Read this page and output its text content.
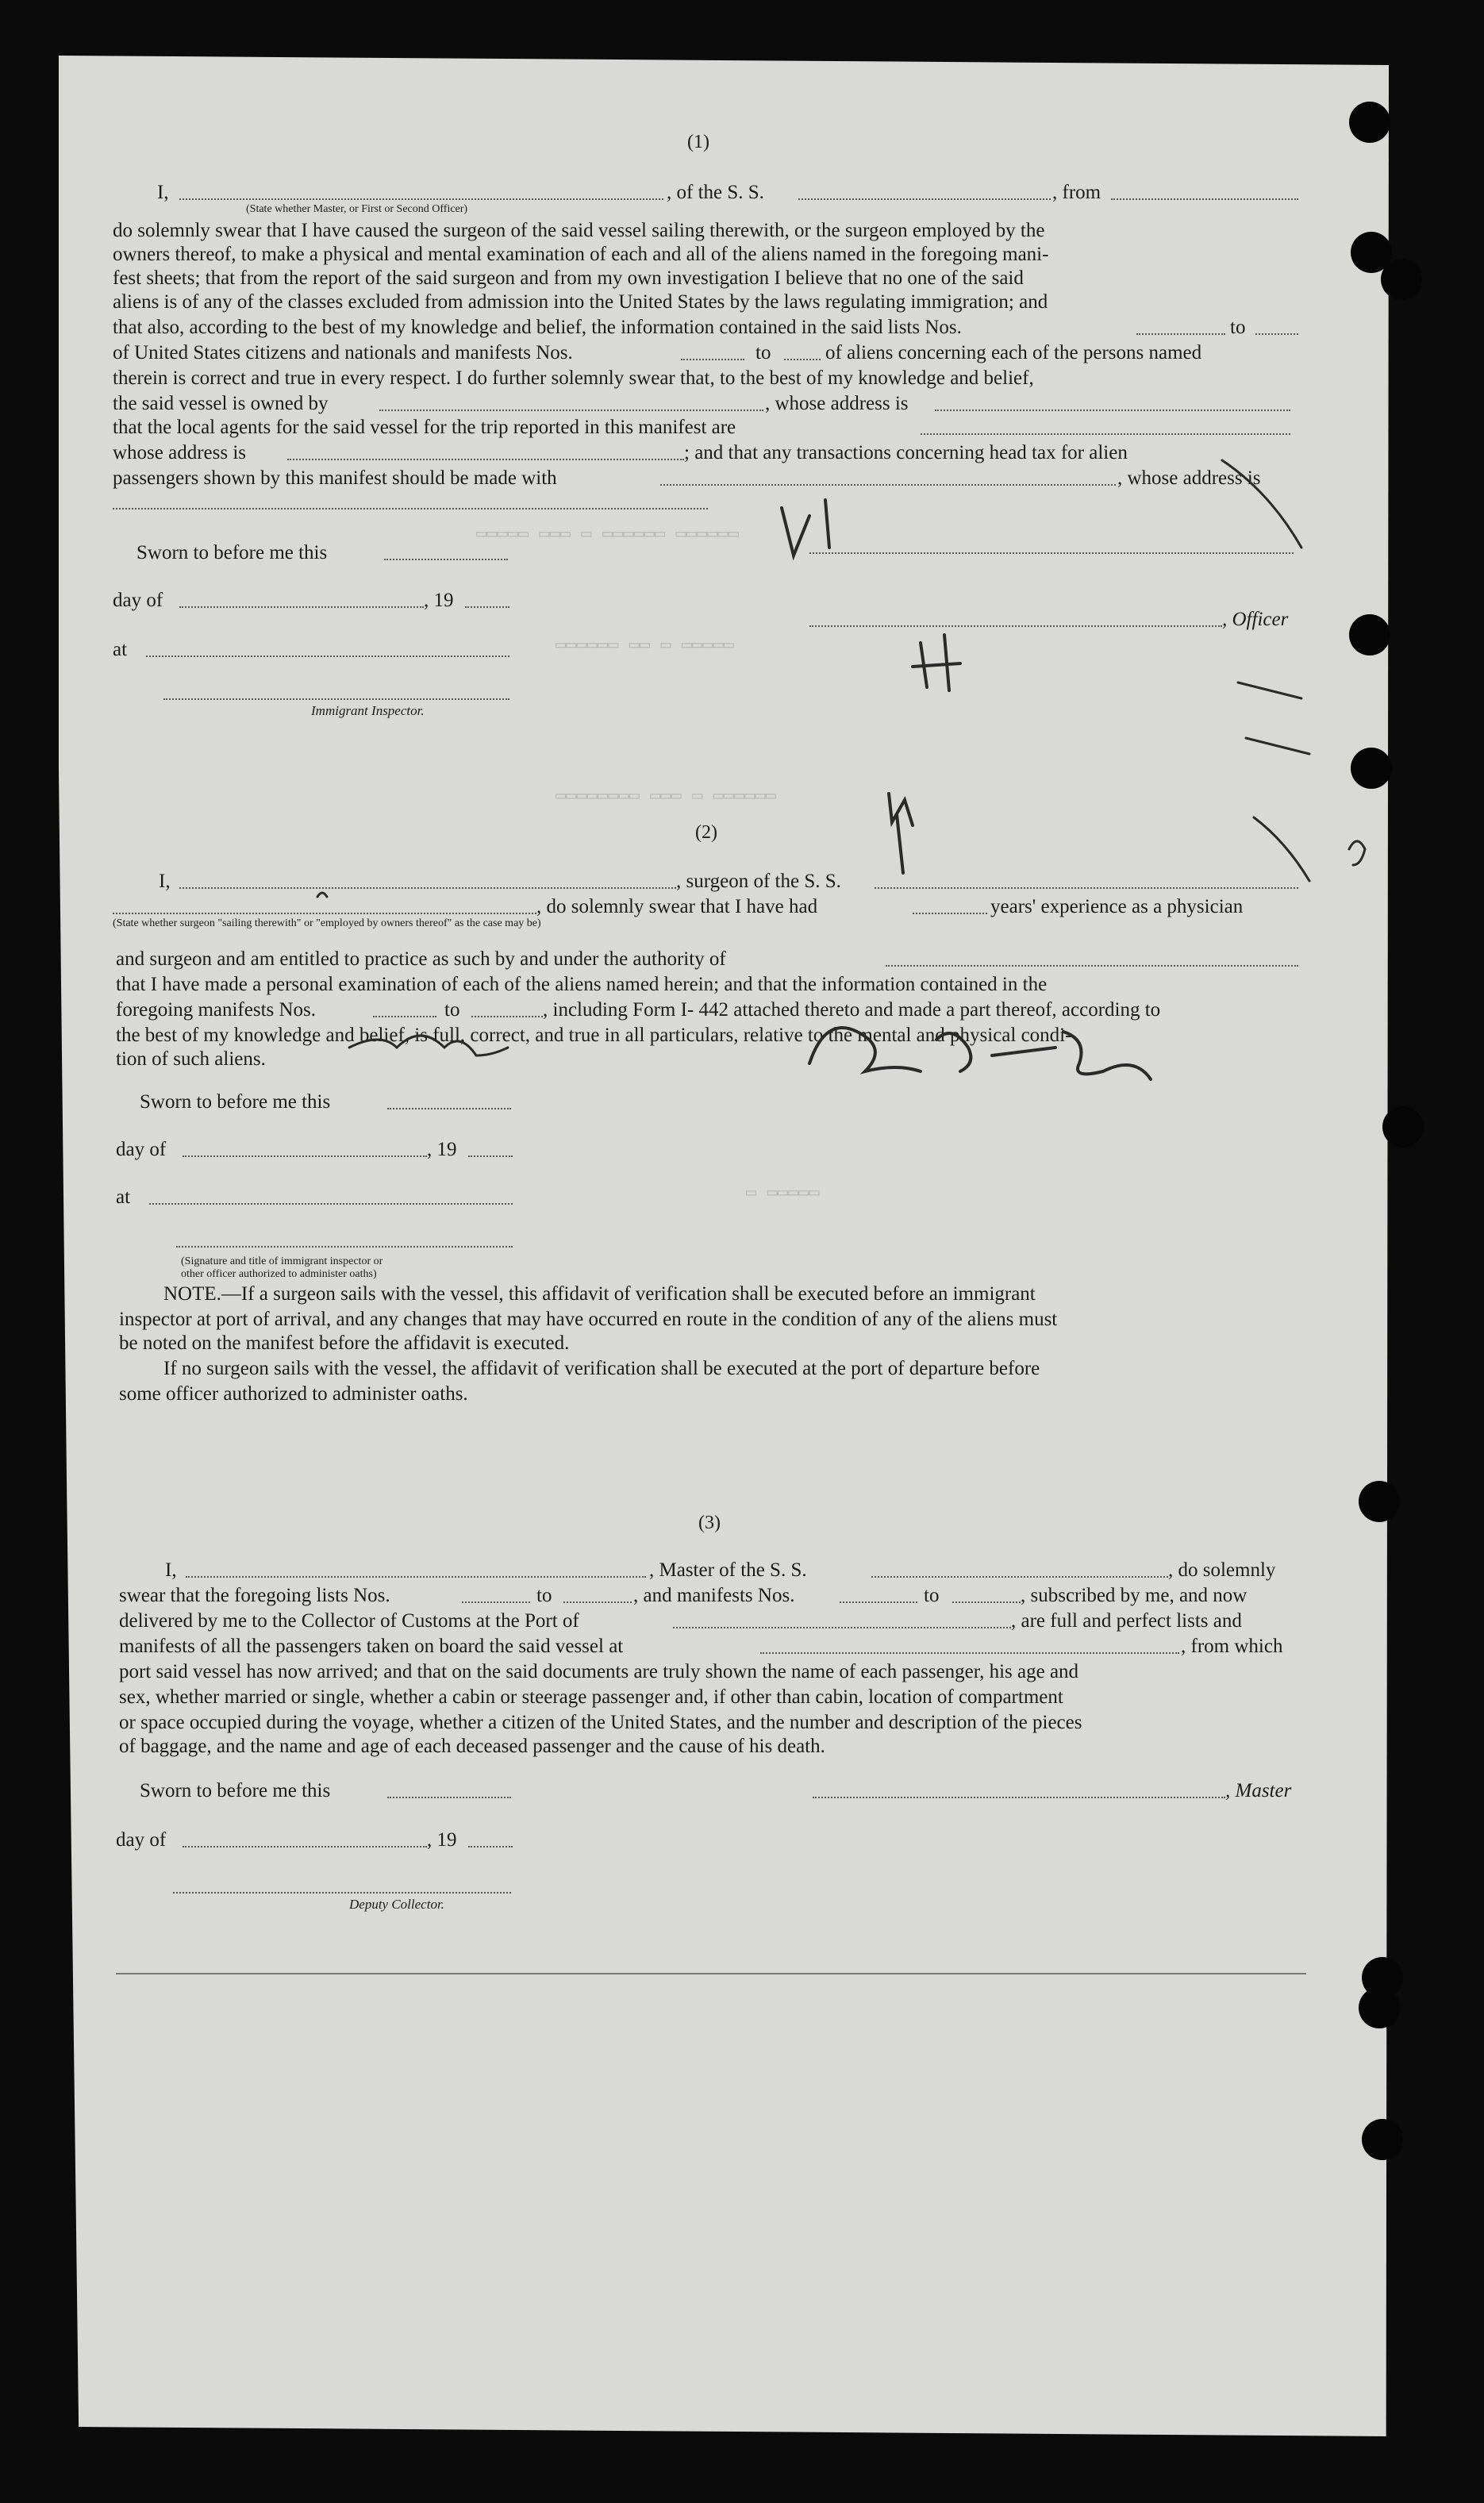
▭▭▭▭▭ ▭▭▭ ▭ ▭▭▭▭▭▭ ▭▭▭▭▭▭
▭▭▭▭▭▭ ▭▭ ▭ ▭▭▭▭▭
▭▭▭▭▭▭▭▭ ▭▭▭ ▭ ▭▭▭▭▭▭
▭ ▭▭▭▭▭
(1)
I,	, of the S. S.	, from
(State whether Master, or First or Second Officer)
do solemnly swear that I have caused the surgeon of the said vessel sailing therewith, or the surgeon employed by the
owners thereof, to make a physical and mental examination of each and all of the aliens named in the foregoing mani-
fest sheets; that from the report of the said surgeon and from my own investigation I believe that no one of the said
aliens is of any of the classes excluded from admission into the United States by the laws regulating immigration; and
that also, according to the best of my knowledge and belief, the information contained in the said lists Nos.	to
of United States citizens and nationals and manifests Nos.	to	of aliens concerning each of the persons named
therein is correct and true in every respect. I do further solemnly swear that, to the best of my knowledge and belief,
the said vessel is owned by	, whose address is
that the local agents for the said vessel for the trip reported in this manifest are
whose address is	; and that any transactions concerning head tax for alien
passengers shown by this manifest should be made with	, whose address is
Sworn to before me this
day of	, 19
, Officer
at
Immigrant Inspector.
(2)
I,	, surgeon of the S. S.
, do solemnly swear that I have had	years' experience as a physician
(State whether surgeon "sailing therewith" or "employed by owners thereof" as the case may be)
and surgeon and am entitled to practice as such by and under the authority of
that I have made a personal examination of each of the aliens named herein; and that the information contained in the
foregoing manifests Nos.	to	, including Form I- 442 attached thereto and made a part thereof, according to
the best of my knowledge and belief, is full, correct, and true in all particulars, relative to the mental and physical condi-
tion of such aliens.
Sworn to before me this
day of	, 19
at
(Signature and title of immigrant inspector or
other officer authorized to administer oaths)
NOTE.—If a surgeon sails with the vessel, this affidavit of verification shall be executed before an immigrant
inspector at port of arrival, and any changes that may have occurred en route in the condition of any of the aliens must
be noted on the manifest before the affidavit is executed.
If no surgeon sails with the vessel, the affidavit of verification shall be executed at the port of departure before
some officer authorized to administer oaths.
(3)
I,	, Master of the S. S.	, do solemnly
swear that the foregoing lists Nos.	to	, and manifests Nos.	to	, subscribed by me, and now
delivered by me to the Collector of Customs at the Port of	, are full and perfect lists and
manifests of all the passengers taken on board the said vessel at	, from which
port said vessel has now arrived; and that on the said documents are truly shown the name of each passenger, his age and
sex, whether married or single, whether a cabin or steerage passenger and, if other than cabin, location of compartment
or space occupied during the voyage, whether a citizen of the United States, and the number and description of the pieces
of baggage, and the name and age of each deceased passenger and the cause of his death.
Sworn to before me this	, Master
day of	, 19
Deputy Collector.
